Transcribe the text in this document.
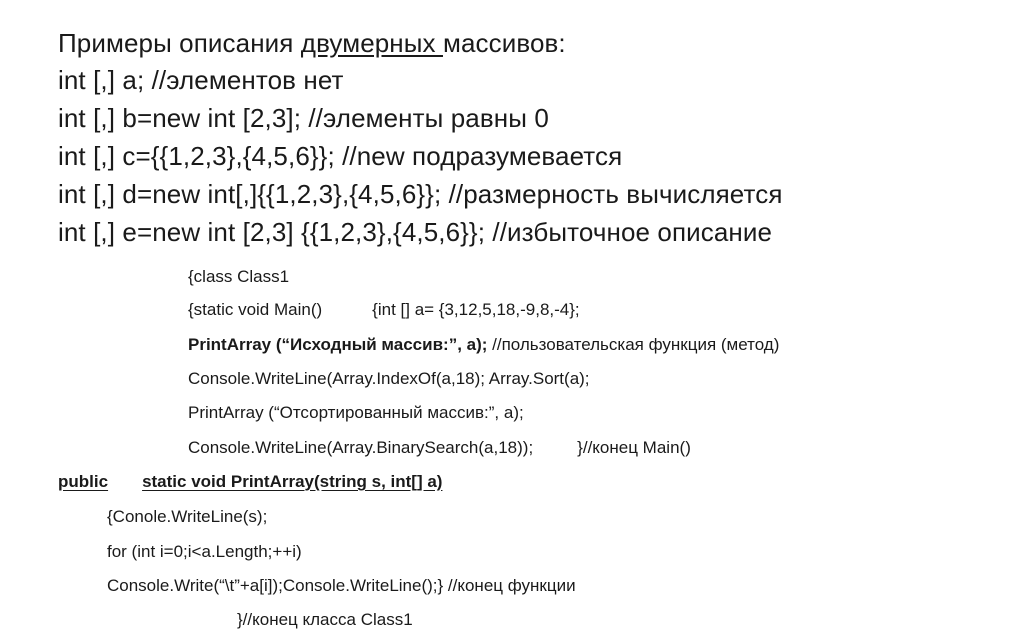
Примеры описания двумерных массивов:
int [,] a; //элементов нет
int [,] b=new int [2,3]; //элементы равны 0
int [,] c={{1,2,3},{4,5,6}}; //new подразумевается
int [,] d=new int[,]{{1,2,3},{4,5,6}}; //размерность вычисляется
int [,] e=new int [2,3] {{1,2,3},{4,5,6}}; //избыточное описание
{class Class1
{static void Main()	{int [] a= {3,12,5,18,-9,8,-4};
PrintArray (“Исходный массив:”, a); //пользовательская функция (метод)
Console.WriteLine(Array.IndexOf(a,18); Array.Sort(a);
PrintArray (“Отсортированный массив:”, a);
Console.WriteLine(Array.BinarySearch(a,18));	}//конец Main()
public static void PrintArray(string s, int[] a)
{Conole.WriteLine(s);
for (int i=0;i<a.Length;++i)
Console.Write(“\t”+a[i]);Console.WriteLine();} //конец функции
}//конец класса Class1
